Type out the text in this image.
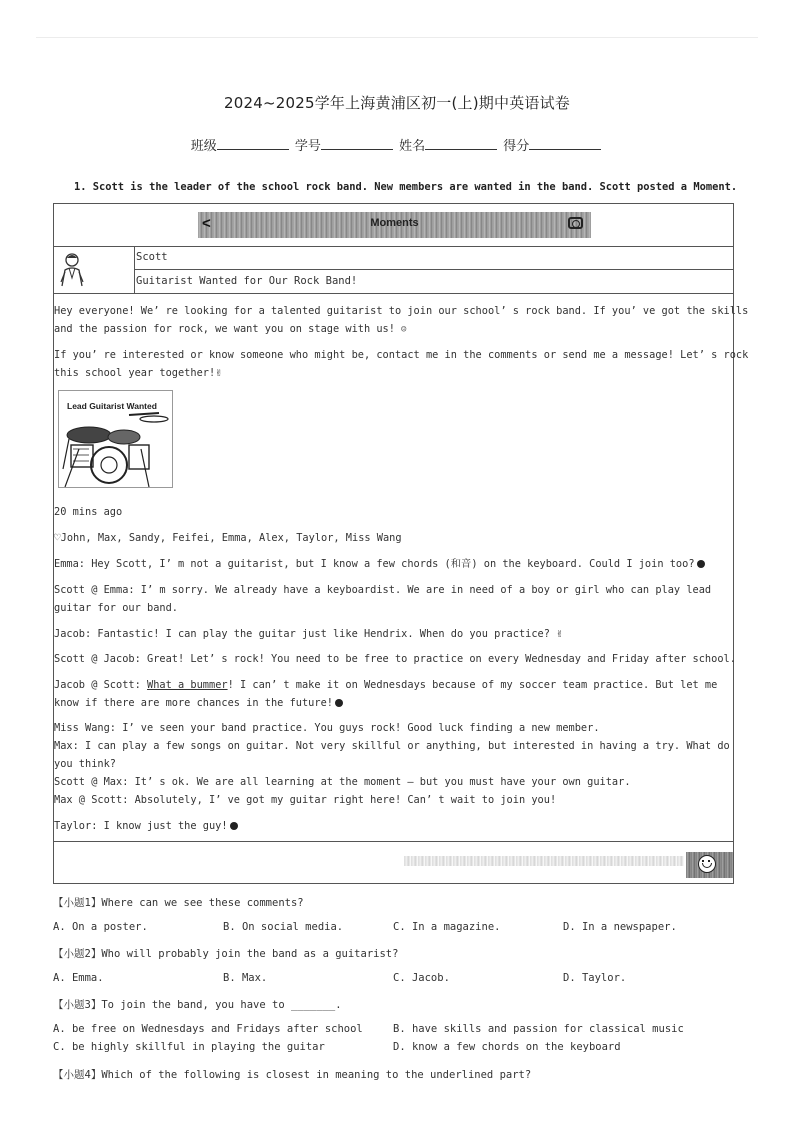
2024~2025学年上海黄浦区初一(上)期中英语试卷
班级	学号	姓名	得分
1. Scott is the leader of the school rock band. New members are wanted in the band. Scott posted a Moment.
<	Moments
Scott
Guitarist Wanted for Our Rock Band!
Hey everyone! We’ re looking for a talented guitarist to join our school’ s rock band. If you’ ve got the skills
and the passion for rock, we want you on stage with us! ☺
If you’ re interested or know someone who might be, contact me in the comments or send me a message! Let’ s rock
this school year together!✌
Lead Guitarist Wanted
20 mins ago
♡John, Max, Sandy, Feifei, Emma, Alex, Taylor, Miss Wang
Emma: Hey Scott, I’ m not a guitarist, but I know a few chords (和音) on the keyboard. Could I join too?
Scott @ Emma: I’ m sorry. We already have a keyboardist. We are in need of a boy or girl who can play lead
guitar for our band.
Jacob: Fantastic! I can play the guitar just like Hendrix. When do you practice? ✌
Scott @ Jacob: Great! Let’ s rock! You need to be free to practice on every Wednesday and Friday after school.
Jacob @ Scott: What a bummer! I can’ t make it on Wednesdays because of my soccer team practice. But let me
know if there are more chances in the future!
Miss Wang: I’ ve seen your band practice. You guys rock! Good luck finding a new member.
Max: I can play a few songs on guitar. Not very skillful or anything, but interested in having a try. What do
you think?
Scott @ Max: It’ s ok. We are all learning at the moment — but you must have your own guitar.
Max @ Scott: Absolutely, I’ ve got my guitar right here! Can’ t wait to join you!
Taylor: I know just the guy!
【小题1】Where can we see these comments?
A. On a poster.	B. On social media.	C. In a magazine.	D. In a newspaper.
【小题2】Who will probably join the band as a guitarist?
A. Emma.	B. Max.	C. Jacob.	D. Taylor.
【小题3】To join the band, you have to _______.
A. be free on Wednesdays and Fridays after school	B. have skills and passion for classical music
C. be highly skillful in playing the guitar	D. know a few chords on the keyboard
【小题4】Which of the following is closest in meaning to the underlined part?
